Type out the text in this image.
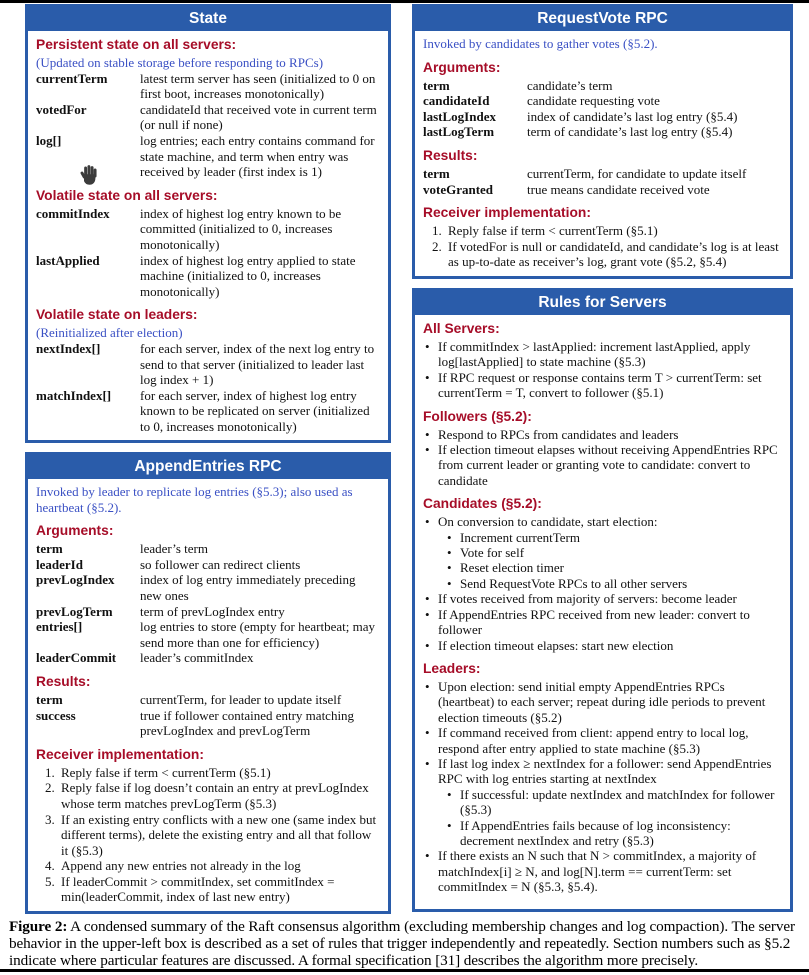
State
Persistent state on all servers:
(Updated on stable storage before responding to RPCs)
currentTerm	latest term server has seen (initialized to 0 on first boot, increases monotonically)
votedFor	candidateId that received vote in current term (or null if none)
log[]	log entries; each entry contains command for state machine, and term when entry was received by leader (first index is 1)
Volatile state on all servers:
commitIndex	index of highest log entry known to be committed (initialized to 0, increases monotonically)
lastApplied	index of highest log entry applied to state machine (initialized to 0, increases monotonically)
Volatile state on leaders:
(Reinitialized after election)
nextIndex[]	for each server, index of the next log entry to send to that server (initialized to leader last log index + 1)
matchIndex[]	for each server, index of highest log entry known to be replicated on server (initialized to 0, increases monotonically)
AppendEntries RPC
Invoked by leader to replicate log entries (§5.3); also used as heartbeat (§5.2).
Arguments:
term	leader’s term
leaderId	so follower can redirect clients
prevLogIndex	index of log entry immediately preceding new ones
prevLogTerm	term of prevLogIndex entry
entries[]	log entries to store (empty for heartbeat; may send more than one for efficiency)
leaderCommit	leader’s commitIndex
Results:
term	currentTerm, for leader to update itself
success	true if follower contained entry matching prevLogIndex and prevLogTerm
Receiver implementation:
1. Reply false if term < currentTerm (§5.1)
2. Reply false if log doesn’t contain an entry at prevLogIndex whose term matches prevLogTerm (§5.3)
3. If an existing entry conflicts with a new one (same index but different terms), delete the existing entry and all that follow it (§5.3)
4. Append any new entries not already in the log
5. If leaderCommit > commitIndex, set commitIndex = min(leaderCommit, index of last new entry)
RequestVote RPC
Invoked by candidates to gather votes (§5.2).
Arguments:
term	candidate’s term
candidateId	candidate requesting vote
lastLogIndex	index of candidate’s last log entry (§5.4)
lastLogTerm	term of candidate’s last log entry (§5.4)
Results:
term	currentTerm, for candidate to update itself
voteGranted	true means candidate received vote
Receiver implementation:
1. Reply false if term < currentTerm (§5.1)
2. If votedFor is null or candidateId, and candidate’s log is at least as up-to-date as receiver’s log, grant vote (§5.2, §5.4)
Rules for Servers
All Servers:
• If commitIndex > lastApplied: increment lastApplied, apply log[lastApplied] to state machine (§5.3)
• If RPC request or response contains term T > currentTerm: set currentTerm = T, convert to follower (§5.1)
Followers (§5.2):
• Respond to RPCs from candidates and leaders
• If election timeout elapses without receiving AppendEntries RPC from current leader or granting vote to candidate: convert to candidate
Candidates (§5.2):
• On conversion to candidate, start election:
• Increment currentTerm
• Vote for self
• Reset election timer
• Send RequestVote RPCs to all other servers
• If votes received from majority of servers: become leader
• If AppendEntries RPC received from new leader: convert to follower
• If election timeout elapses: start new election
Leaders:
• Upon election: send initial empty AppendEntries RPCs (heartbeat) to each server; repeat during idle periods to prevent election timeouts (§5.2)
• If command received from client: append entry to local log, respond after entry applied to state machine (§5.3)
• If last log index ≥ nextIndex for a follower: send AppendEntries RPC with log entries starting at nextIndex
• If successful: update nextIndex and matchIndex for follower (§5.3)
• If AppendEntries fails because of log inconsistency: decrement nextIndex and retry (§5.3)
• If there exists an N such that N > commitIndex, a majority of matchIndex[i] ≥ N, and log[N].term == currentTerm: set commitIndex = N (§5.3, §5.4).
Figure 2: A condensed summary of the Raft consensus algorithm (excluding membership changes and log compaction). The server behavior in the upper-left box is described as a set of rules that trigger independently and repeatedly. Section numbers such as §5.2 indicate where particular features are discussed. A formal specification [31] describes the algorithm more precisely.
